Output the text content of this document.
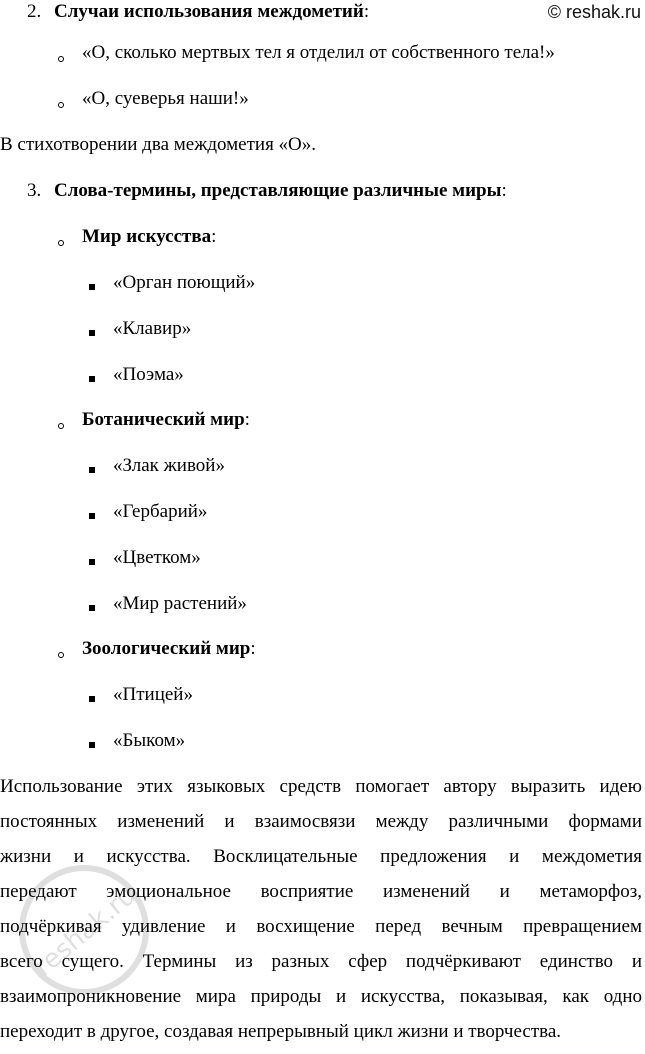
© reshak.ru
2. Случаи использования междометий:
«О, сколько мертвых тел я отделил от собственного тела!»
«О, суеверья наши!»
В стихотворении два междометия «О».
3. Слова-термины, представляющие различные миры:
Мир искусства:
«Орган поющий»
«Клавир»
«Поэма»
Ботанический мир:
«Злак живой»
«Гербарий»
«Цветком»
«Мир растений»
Зоологический мир:
«Птицей»
«Быком»
Использование этих языковых средств помогает автору выразить идею
постоянных изменений и взаимосвязи между различными формами
жизни и искусства. Восклицательные предложения и междометия
передают эмоциональное восприятие изменений и метаморфоз,
подчёркивая удивление и восхищение перед вечным превращением
всего сущего. Термины из разных сфер подчёркивают единство и
взаимопроникновение мира природы и искусства, показывая, как одно
переходит в другое, создавая непрерывный цикл жизни и творчества.
reshak.ru
